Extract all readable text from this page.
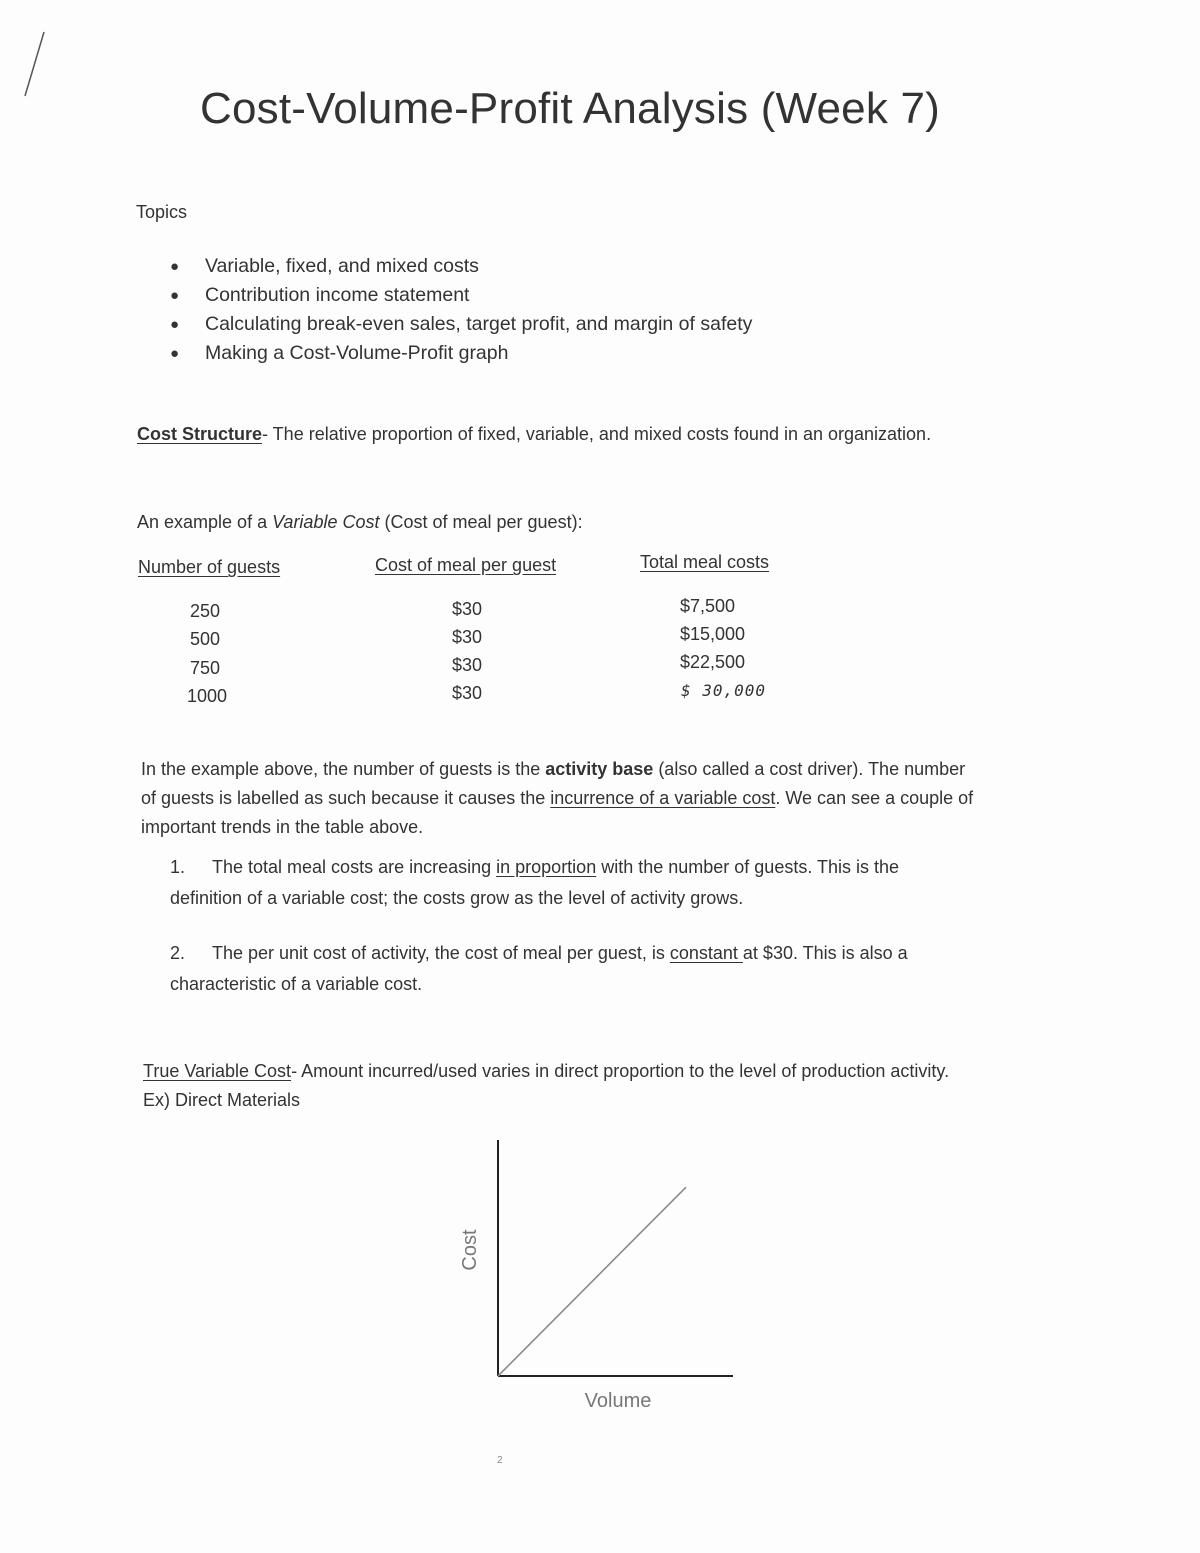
Cost-Volume-Profit Analysis (Week 7)
Topics
● Variable, fixed, and mixed costs
● Contribution income statement
● Calculating break-even sales, target profit, and margin of safety
● Making a Cost-Volume-Profit graph
Cost Structure- The relative proportion of fixed, variable, and mixed costs found in an organization.
An example of a Variable Cost (Cost of meal per guest):
Number of guests	Cost of meal per guest	Total meal costs
250	$30	$7,500
500	$30	$15,000
750	$30	$22,500
1000	$30	$ 30,000
In the example above, the number of guests is the activity base (also called a cost driver). The number
of guests is labelled as such because it causes the incurrence of a variable cost. We can see a couple of
important trends in the table above.
1. The total meal costs are increasing in proportion with the number of guests. This is the
definition of a variable cost; the costs grow as the level of activity grows.
2. The per unit cost of activity, the cost of meal per guest, is constant at $30. This is also a
characteristic of a variable cost.
True Variable Cost- Amount incurred/used varies in direct proportion to the level of production activity.
Ex) Direct Materials
Cost
Volume
2
